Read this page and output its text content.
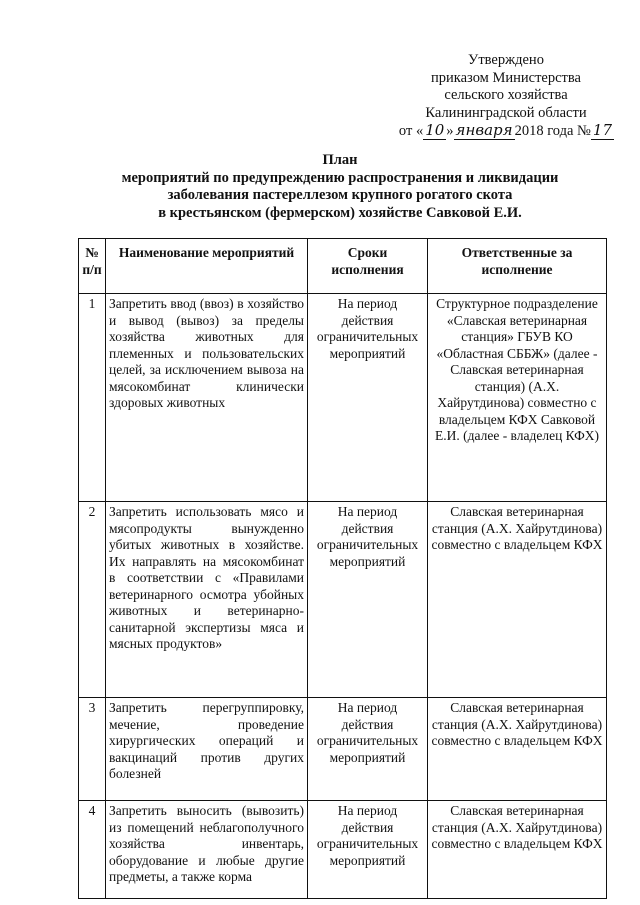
Утверждено
приказом Министерства
сельского хозяйства
Калининградской области
от « 10 » января 2018 года № 17
План
мероприятий по предупреждению распространения и ликвидации
заболевания пастереллезом крупного рогатого скота
в крестьянском (фермерском) хозяйстве Савковой Е.И.
№ п/п	Наименование мероприятий	Сроки исполнения	Ответственные за исполнение
1	Запретить ввод (ввоз) в хозяйство и вывод (вывоз) за пределы хозяйства животных для племенных и пользовательских целей, за исключением вывоза на мясокомбинат клинически здоровых животных	На период действия ограничительных мероприятий	Структурное подразделение «Славская ветеринарная станция» ГБУВ КО «Областная СББЖ» (далее - Славская ветеринарная станция) (А.Х. Хайрутдинова) совместно с владельцем КФХ Савковой Е.И. (далее - владелец КФХ)
2	Запретить использовать мясо и мясопродукты вынужденно убитых животных в хозяйстве. Их направлять на мясокомбинат в соответствии с «Правилами ветеринарного осмотра убойных животных и ветеринарно-санитарной экспертизы мяса и мясных продуктов»	На период действия ограничительных мероприятий	Славская ветеринарная станция (А.Х. Хайрутдинова) совместно с владельцем КФХ
3	Запретить перегруппировку, мечение, проведение хирургических операций и вакцинаций против других болезней	На период действия ограничительных мероприятий	Славская ветеринарная станция (А.Х. Хайрутдинова) совместно с владельцем КФХ
4	Запретить выносить (вывозить) из помещений неблагополучного хозяйства инвентарь, оборудование и любые другие предметы, а также корма	На период действия ограничительных мероприятий	Славская ветеринарная станция (А.Х. Хайрутдинова) совместно с владельцем КФХ
